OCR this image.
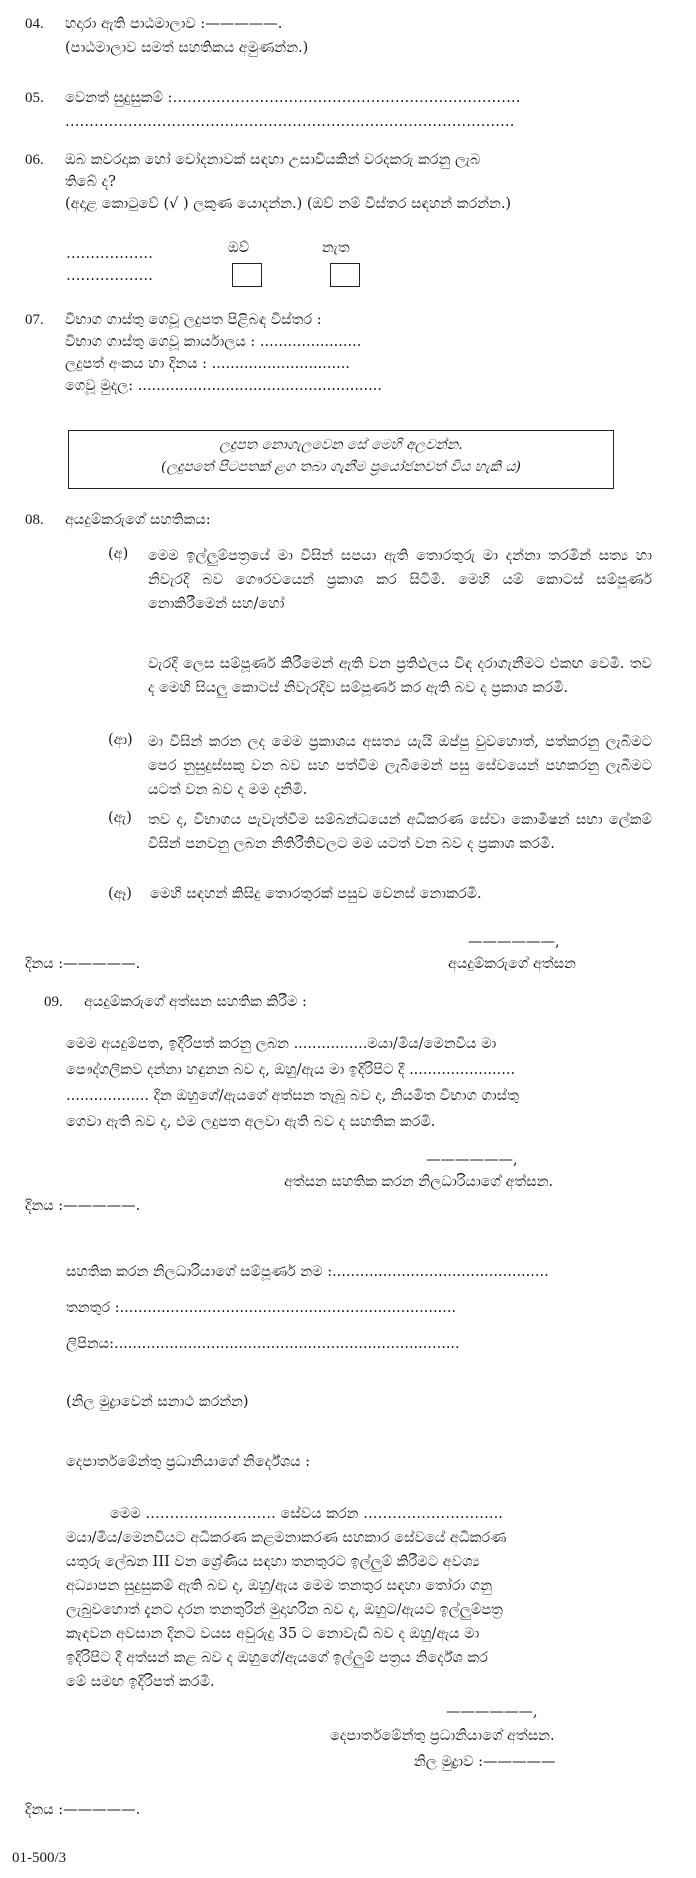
04. හදාරා ඇති පාඨමාලාව :—————.
(පාඨමාලාව සමත් සහතිකය අමුණන්න.)
05. වෙනත් සුදුසුකම් :………………………………………………………………
…………………………………………………………………………………
06. ඔබ කවරදාක හෝ චෝදනාවක් සඳහා උසාවියකින් වරදකරු කරනු ලැබ
තිබේ ද?
(අදාළ කොටුවේ (√ ) ලකුණ යොදන්න.) (ඔව් නම් විස්තර සඳහන් කරන්න.)
………………
………………
ඔව්	නැත
07. විභාග ගාස්තු ගෙවූ ලදුපත පිළිබඳ විස්තර :
විභාග ගාස්තු ගෙවූ කාර්යාලය : ......................
ලදුපත් අංකය හා දිනය : ..............................
ගෙවූ මුදල: .....................................................
ලදුපත නොගැලවෙන සේ මෙහි අලවන්න.
(ලදුපතේ පිටපතක් ළග තබා ගැනීම ප්‍රයෝජනවත් විය හැකි ය)
08. අයදුම්කරුගේ සහතිකය:
(අ) මෙම ඉල්ලුම්පත්‍රයේ මා විසින් සපයා ඇති තොරතුරු මා දන්නා තරමින් සත්‍ය හා නිවැරදි බව ගෞරවයෙන් ප්‍රකාශ කර සිටිමි. මෙහි යම් කොටස් සම්පූර්ණ නොකිරීමෙන් සහ/හෝ
වැරදි ලෙස සම්පූර්ණ කිරීමෙන් ඇති වන ප්‍රතිඵලය විඳ දරාගැනීමට එකඟ වෙමි. තව ද මෙහි සියලු කොටස් නිවැරදිව සම්පූර්ණ කර ඇති බව ද ප්‍රකාශ කරමි.
(ආ) මා විසින් කරන ලද මෙම ප්‍රකාශය අසත්‍ය යැයි ඔප්පු වුවහොත්, පත්කරනු ලැබීමට පෙර නුසුදුස්සකු වන බව සහ පත්වීම ලැබීමෙන් පසු සේවයෙන් පහකරනු ලැබීමට යටත් වන බව ද මම දනිමි.
(ඇ) තව ද, විභාගය පැවැත්වීම සම්බන්ධයෙන් අධිකරණ සේවා කොමිෂන් සභා ලේකම් විසින් පනවනු ලබන නිතිරීතිවලට මම යටත් වන බව ද ප්‍රකාශ කරමි.
(ඈ) මෙහි සඳහන් කිසිදු තොරතුරක් පසුව වෙනස් නොකරමි.
——————,
දිනය :—————.	අයදුම්කරුගේ අත්සන
09. අයදුම්කරුගේ අත්සන සහතික කිරීම :
මෙම අයදුම්පත, ඉදිරිපත් කරනු ලබන ................මයා/මිය/මෙනවිය මා
පෞද්ගලිකව දන්නා හඳුනන බව ද, ඔහු/ඇය මා ඉදිරිපිට දී .......................
.................. දින ඔහුගේ/ඇයගේ අත්සන තැබූ බව ද, නියමිත විභාග ගාස්තු
ගෙවා ඇති බව ද, එම ලදුපත අලවා ඇති බව ද සහතික කරමි.
——————,
අත්සන සහතික කරන නිලධාරියාගේ අත්සන.
දිනය :—————.
සහතික කරන නිලධාරියාගේ සම්පූර්ණ නම :...............................................
තනතුර :.........................................................................
ලිපිනය:...........................................................................
(නිල මුද්‍රාවෙන් සනාථ කරන්න)
දෙපාර්තමේන්තු ප්‍රධානියාගේ නිර්දේශය :
මෙම ……………………… සේවය කරන ………………………..
මයා/මිය/මෙනවියට අධිකරණ කළමනාකරණ සහකාර සේවයේ අධිකරණ
යතුරු ලේඛන III වන ශ්‍රේණිය සඳහා තනතුරට ඉල්ලුම් කිරීමට අවශ්‍ය
අධ්‍යාපන සුදුසුකම් ඇති බව ද, ඔහු/ඇය මෙම තනතුර සඳහා තෝරා ගනු
ලැබුවහොත් දැනට දරන තනතුරින් මුදාහරින බව ද, ඔහුට/ඇයට ඉල්ලුම්පත්‍ර
කැඳවන අවසාන දිනට වයස අවුරුදු 35 ට නොවැඩි බව ද ඔහු/ඇය මා
ඉදිරිපිට දී අත්සන් කළ බව ද ඔහුගේ/ඇයගේ ඉල්ලුම් පත්‍රය නිර්දේශ කර
මේ සමඟ ඉදිරිපත් කරමි.
——————,
දෙපාර්තමේන්තු ප්‍රධානියාගේ අත්සන.
නිල මුද්‍රාව :—————
දිනය :—————.
01-500/3
